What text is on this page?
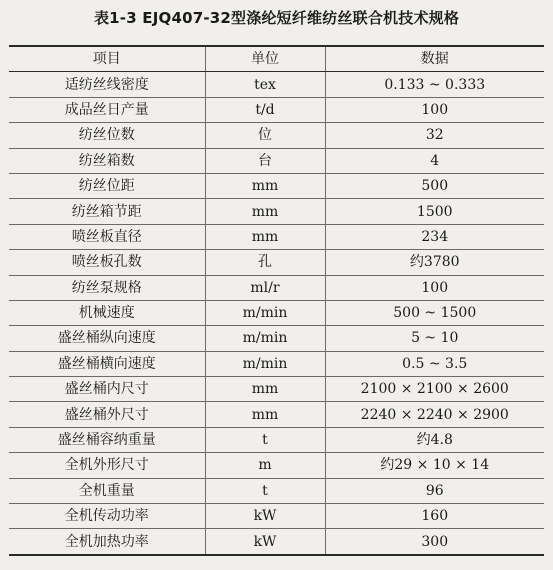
表1-3 EJQ407-32型涤纶短纤维纺丝联合机技术规格
项目	单位	数据
适纺丝线密度	tex	0.133 ~ 0.333
成品丝日产量	t/d	100
纺丝位数	位	32
纺丝箱数	台	4
纺丝位距	mm	500
纺丝箱节距	mm	1500
喷丝板直径	mm	234
喷丝板孔数	孔	约3780
纺丝泵规格	ml/r	100
机械速度	m/min	500 ~ 1500
盛丝桶纵向速度	m/min	5 ~ 10
盛丝桶横向速度	m/min	0.5 ~ 3.5
盛丝桶内尺寸	mm	2100 × 2100 × 2600
盛丝桶外尺寸	mm	2240 × 2240 × 2900
盛丝桶容纳重量	t	约4.8
全机外形尺寸	m	约29 × 10 × 14
全机重量	t	96
全机传动功率	kW	160
全机加热功率	kW	300
